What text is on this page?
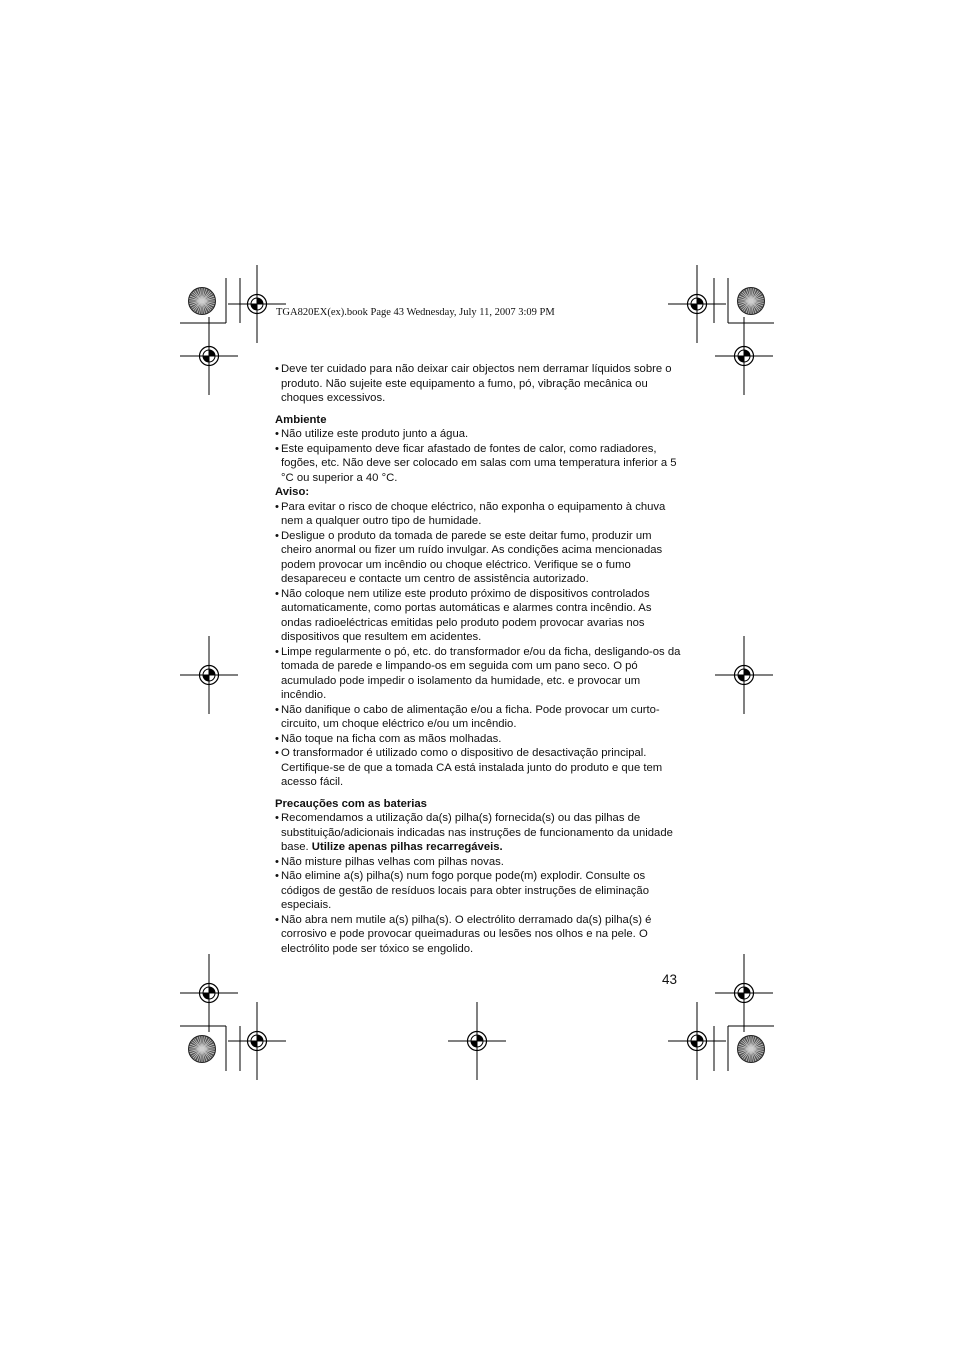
TGA820EX(ex).book Page 43 Wednesday, July 11, 2007 3:09 PM
• Deve ter cuidado para não deixar cair objectos nem derramar líquidos sobre o produto. Não sujeite este equipamento a fumo, pó, vibração mecânica ou choques excessivos.

Ambiente

• Não utilize este produto junto a água.
• Este equipamento deve ficar afastado de fontes de calor, como radiadores, fogões, etc. Não deve ser colocado em salas com uma temperatura inferior a 5 °C ou superior a 40 °C.

Aviso:

• Para evitar o risco de choque eléctrico, não exponha o equipamento à chuva nem a qualquer outro tipo de humidade.
• Desligue o produto da tomada de parede se este deitar fumo, produzir um cheiro anormal ou fizer um ruído invulgar. As condições acima mencionadas podem provocar um incêndio ou choque eléctrico. Verifique se o fumo desapareceu e contacte um centro de assistência autorizado.
• Não coloque nem utilize este produto próximo de dispositivos controlados automaticamente, como portas automáticas e alarmes contra incêndio. As ondas radioeléctricas emitidas pelo produto podem provocar avarias nos dispositivos que resultem em acidentes.
• Limpe regularmente o pó, etc. do transformador e/ou da ficha, desligando-os da tomada de parede e limpando-os em seguida com um pano seco. O pó acumulado pode impedir o isolamento da humidade, etc. e provocar um incêndio.
• Não danifique o cabo de alimentação e/ou a ficha. Pode provocar um curto-circuito, um choque eléctrico e/ou um incêndio.
• Não toque na ficha com as mãos molhadas.
• O transformador é utilizado como o dispositivo de desactivação principal. Certifique-se de que a tomada CA está instalada junto do produto e que tem acesso fácil.

Precauções com as baterias

• Recomendamos a utilização da(s) pilha(s) fornecida(s) ou das pilhas de substituição/adicionais indicadas nas instruções de funcionamento da unidade base. Utilize apenas pilhas recarregáveis.
• Não misture pilhas velhas com pilhas novas.
• Não elimine a(s) pilha(s) num fogo porque pode(m) explodir. Consulte os códigos de gestão de resíduos locais para obter instruções de eliminação especiais.
• Não abra nem mutile a(s) pilha(s). O electrólito derramado da(s) pilha(s) é corrosivo e pode provocar queimaduras ou lesões nos olhos e na pele. O electrólito pode ser tóxico se engolido.
43
